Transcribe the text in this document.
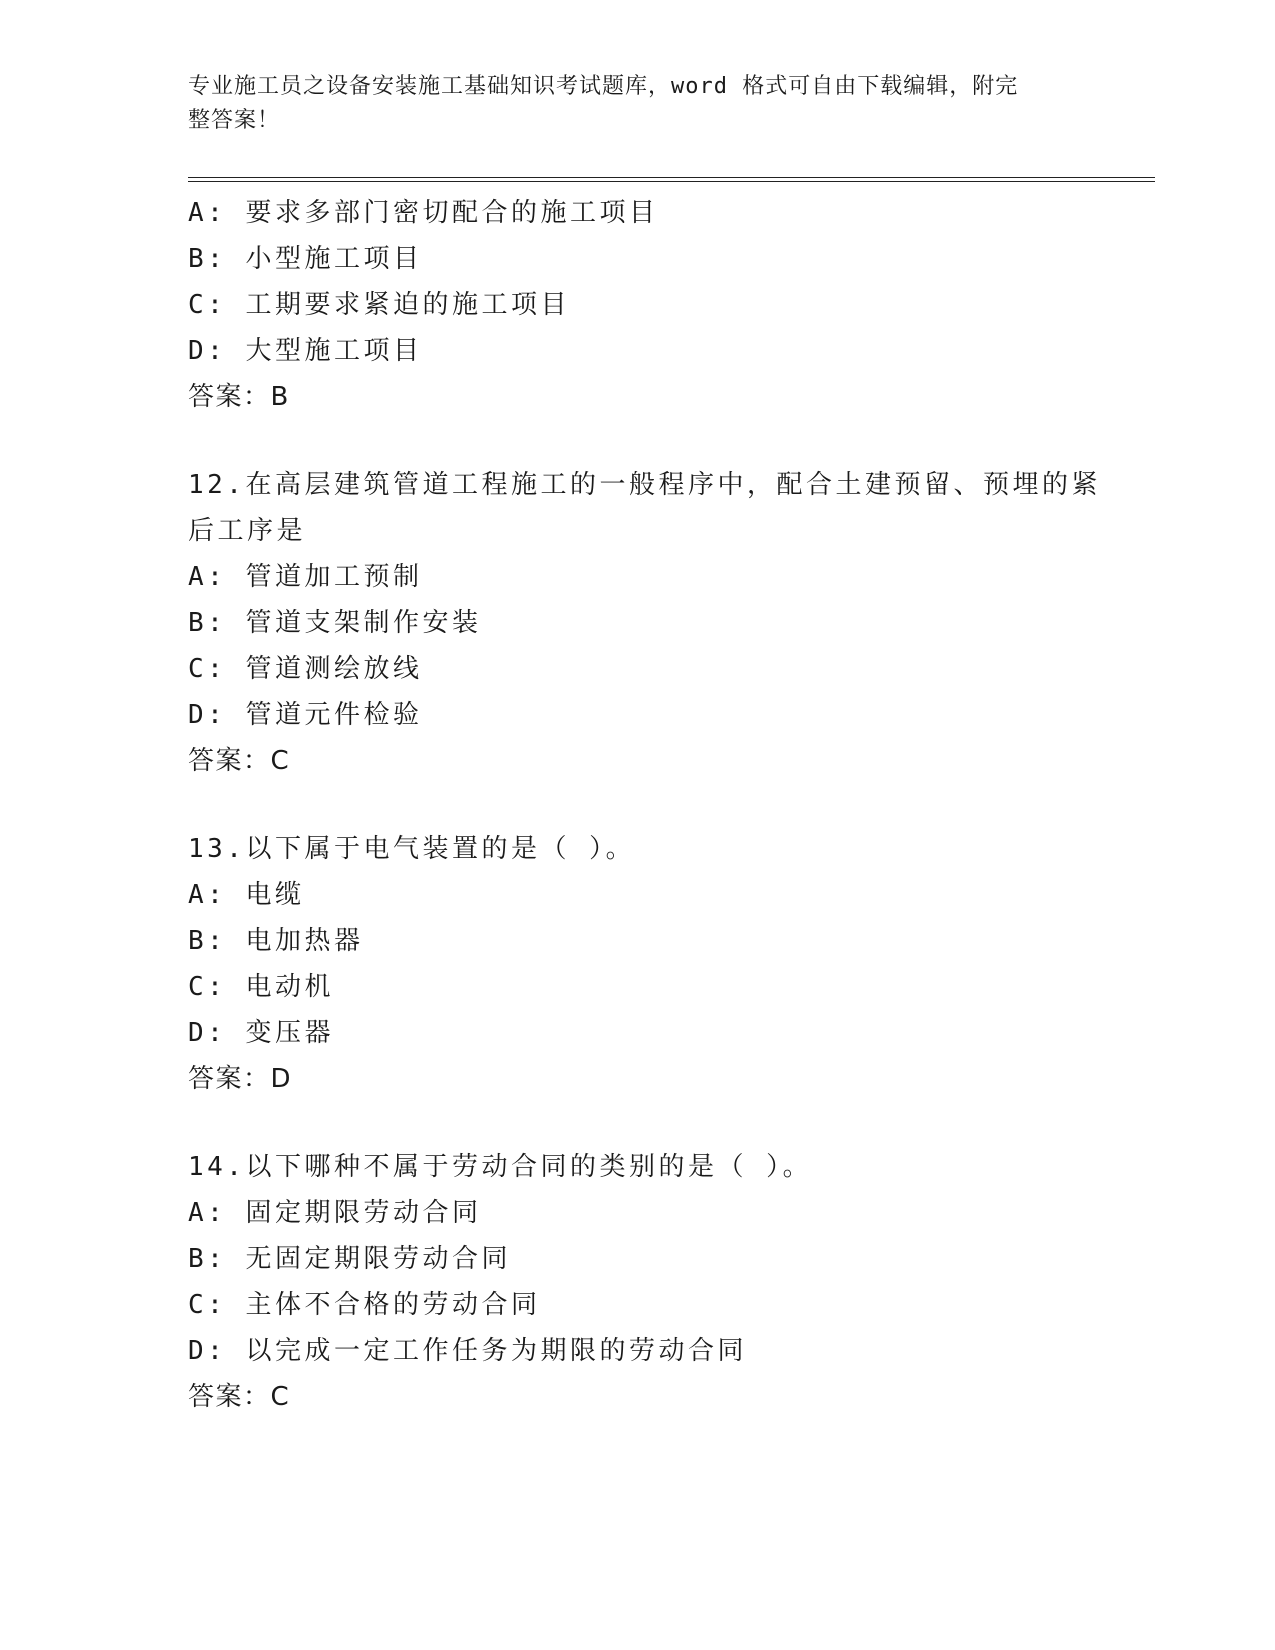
专业施工员之设备安装施工基础知识考试题库，word 格式可自由下载编辑，附完
整答案！

A: 要求多部门密切配合的施工项目

B: 小型施工项目

C: 工期要求紧迫的施工项目

D: 大型施工项目

答案：B

12.在高层建筑管道工程施工的一般程序中，配合土建预留、预埋的紧

后工序是

A: 管道加工预制

B: 管道支架制作安装

C: 管道测绘放线

D: 管道元件检验

答案：C

13.以下属于电气装置的是（ ）。

A: 电缆

B: 电加热器

C: 电动机

D: 变压器

答案：D

14.以下哪种不属于劳动合同的类别的是（ ）。

A: 固定期限劳动合同

B: 无固定期限劳动合同

C: 主体不合格的劳动合同

D: 以完成一定工作任务为期限的劳动合同

答案：C
